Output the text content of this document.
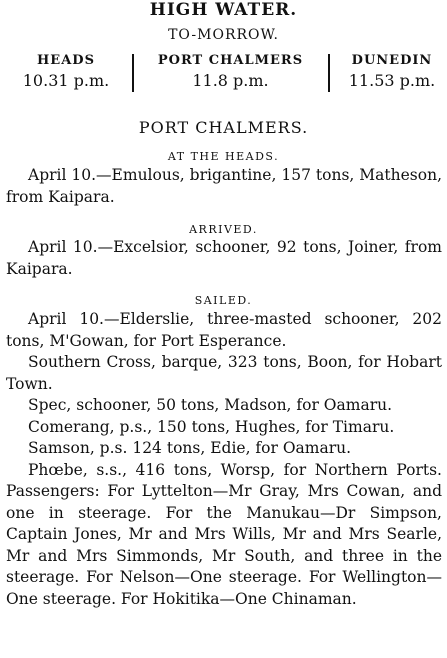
HIGH WATER.
TO-MORROW.
HEADS
10.31 p.m.
PORT CHALMERS
11.8 p.m.
DUNEDIN
11.53 p.m.
PORT CHALMERS.
AT THE HEADS.

April 10.—Emulous, brigantine, 157 tons, Matheson, from Kaipara.

ARRIVED.

April 10.—Excelsior, schooner, 92 tons, Joiner, from Kaipara.

SAILED.

April 10.—Elderslie, three-masted schooner, 202 tons, M'Gowan, for Port Esperance.

Southern Cross, barque, 323 tons, Boon, for Hobart Town.

Spec, schooner, 50 tons, Madson, for Oamaru.

Comerang, p.s., 150 tons, Hughes, for Timaru.

Samson, p.s. 124 tons, Edie, for Oamaru.

Phœbe, s.s., 416 tons, Worsp, for Northern Ports. Passengers: For Lyttelton—Mr Gray, Mrs Cowan, and one in steerage. For the Manukau—Dr Simpson, Captain Jones, Mr and Mrs Wills, Mr and Mrs Searle, Mr and Mrs Simmonds, Mr South, and three in the steerage. For Nelson—One steerage. For Wellington—One steerage. For Hokitika—One Chinaman.
